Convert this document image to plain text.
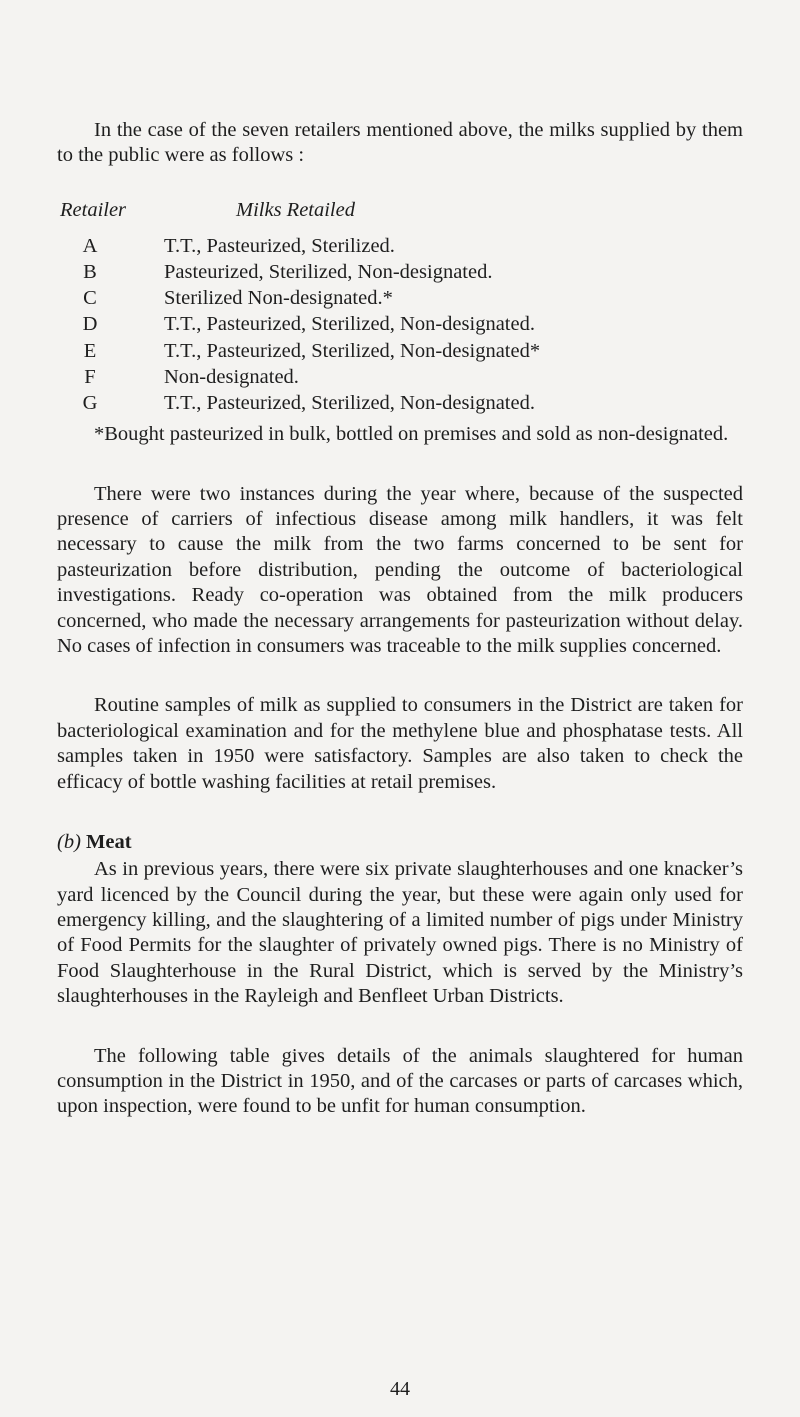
In the case of the seven retailers mentioned above, the milks supplied by them to the public were as follows :

Retailer	Milks Retailed
A	T.T., Pasteurized, Sterilized.
B	Pasteurized, Sterilized, Non-designated.
C	Sterilized Non-designated.*
D	T.T., Pasteurized, Sterilized, Non-designated.
E	T.T., Pasteurized, Sterilized, Non-designated*
F	Non-designated.
G	T.T., Pasteurized, Sterilized, Non-designated.

*Bought pasteurized in bulk, bottled on premises and sold as non-designated.

There were two instances during the year where, because of the suspected presence of carriers of infectious disease among milk handlers, it was felt necessary to cause the milk from the two farms concerned to be sent for pasteurization before distribution, pending the outcome of bacteriological investigations. Ready co-operation was obtained from the milk producers concerned, who made the necessary arrangements for pasteurization without delay. No cases of infection in consumers was traceable to the milk supplies concerned.

Routine samples of milk as supplied to consumers in the District are taken for bacteriological examination and for the methylene blue and phosphatase tests. All samples taken in 1950 were satisfactory. Samples are also taken to check the efficacy of bottle washing facilities at retail premises.

(b) Meat

As in previous years, there were six private slaughterhouses and one knacker’s yard licenced by the Council during the year, but these were again only used for emergency killing, and the slaughtering of a limited number of pigs under Ministry of Food Permits for the slaughter of privately owned pigs. There is no Ministry of Food Slaughterhouse in the Rural District, which is served by the Ministry’s slaughterhouses in the Rayleigh and Benfleet Urban Districts.

The following table gives details of the animals slaughtered for human consumption in the District in 1950, and of the carcases or parts of carcases which, upon inspection, were found to be unfit for human consumption.

44
